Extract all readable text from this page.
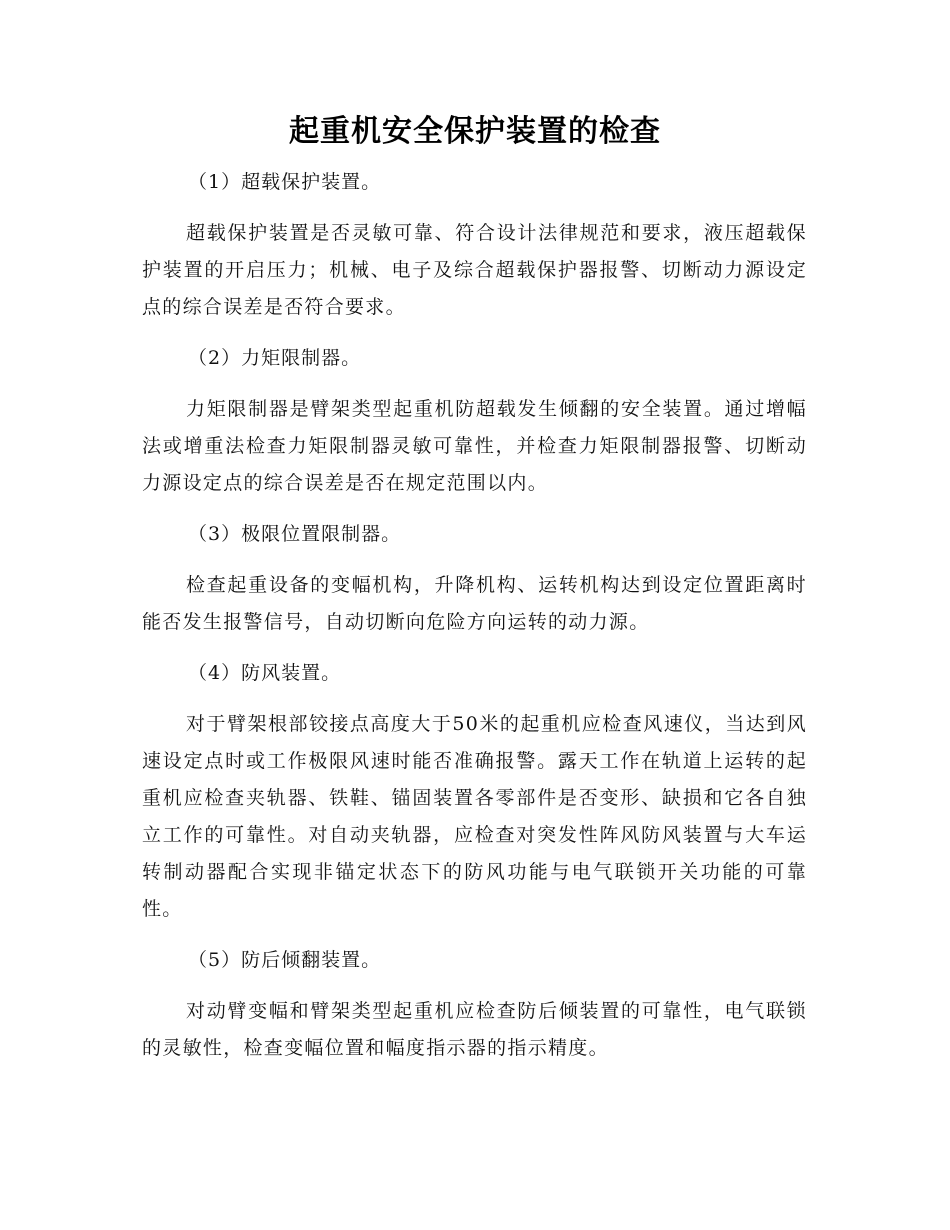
起重机安全保护装置的检查

（1）超载保护装置。

超载保护装置是否灵敏可靠、符合设计法律规范和要求，液压超载保护装置的开启压力；机械、电子及综合超载保护器报警、切断动力源设定点的综合误差是否符合要求。

（2）力矩限制器。

力矩限制器是臂架类型起重机防超载发生倾翻的安全装置。通过增幅法或增重法检查力矩限制器灵敏可靠性，并检查力矩限制器报警、切断动力源设定点的综合误差是否在规定范围以内。

（3）极限位置限制器。

检查起重设备的变幅机构，升降机构、运转机构达到设定位置距离时能否发生报警信号，自动切断向危险方向运转的动力源。

（4）防风装置。

对于臂架根部铰接点高度大于50米的起重机应检查风速仪，当达到风速设定点时或工作极限风速时能否准确报警。露天工作在轨道上运转的起重机应检查夹轨器、铁鞋、锚固装置各零部件是否变形、缺损和它各自独立工作的可靠性。对自动夹轨器，应检查对突发性阵风防风装置与大车运转制动器配合实现非锚定状态下的防风功能与电气联锁开关功能的可靠性。

（5）防后倾翻装置。

对动臂变幅和臂架类型起重机应检查防后倾装置的可靠性，电气联锁的灵敏性，检查变幅位置和幅度指示器的指示精度。
